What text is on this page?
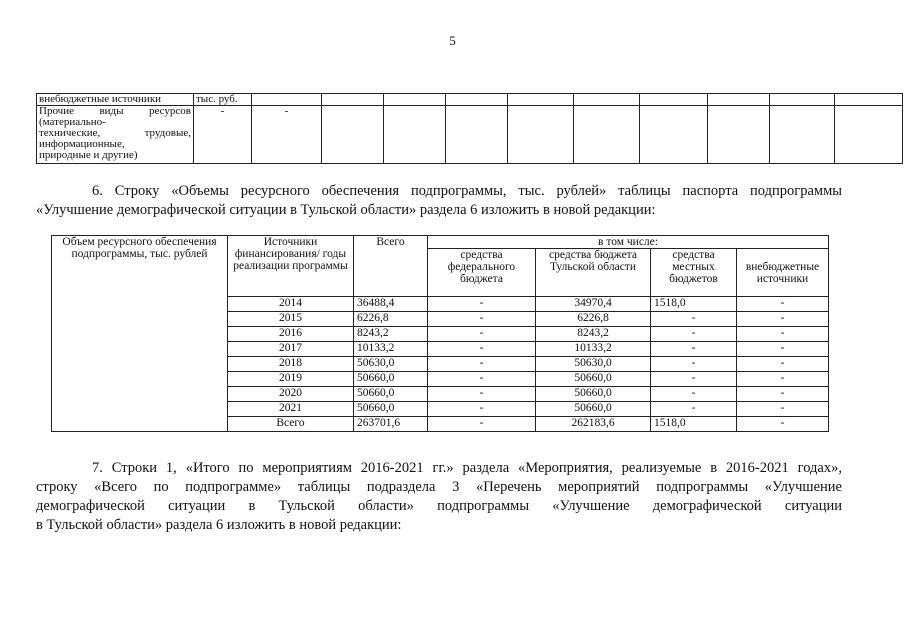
5
внебюджетные источники	тыс. руб.										

Прочие виды ресурсов
(материально-
технические, трудовые,
информационные,
природные и другие)	-	-									
6. Строку «Объемы ресурсного обеспечения подпрограммы, тыс. рублей» таблицы паспорта подпрограммы
«Улучшение демографической ситуации в Тульской области» раздела 6 изложить в новой редакции:
Объем ресурсного обеспечения подпрограммы, тыс. рублей	Источники финансирования/ годы реализации программы	Всего	в том числе:			
			средства федерального бюджета	средства бюджета Тульской области	средства местных бюджетов	внебюджетные источники
	2014	36488,4	-	34970,4	1518,0	-
	2015	6226,8	-	6226,8	-	-
	2016	8243,2	-	8243,2	-	-
	2017	10133,2	-	10133,2	-	-
	2018	50630,0	-	50630,0	-	-
	2019	50660,0	-	50660,0	-	-
	2020	50660,0	-	50660,0	-	-
	2021	50660,0	-	50660,0	-	-
	Всего	263701,6	-	262183,6	1518,0	-
7. Строки 1, «Итого по мероприятиям 2016-2021 гг.» раздела «Мероприятия, реализуемые в 2016-2021 годах»,
строку «Всего по подпрограмме» таблицы подраздела 3 «Перечень мероприятий подпрограммы «Улучшение
демографической ситуации в Тульской области» подпрограммы «Улучшение демографической ситуации
в Тульской области» раздела 6 изложить в новой редакции:
